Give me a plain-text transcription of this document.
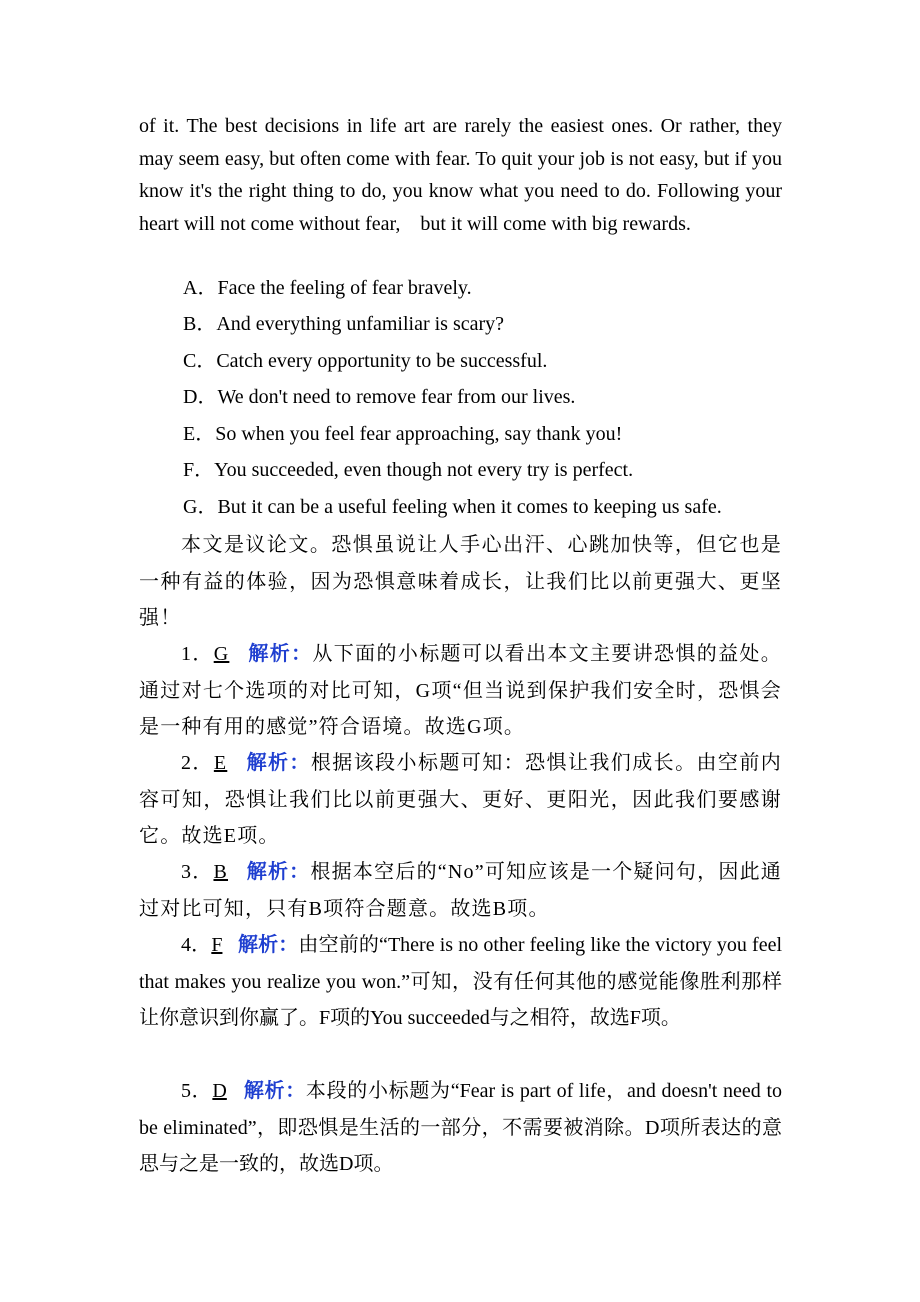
of it. The best decisions in life art are rarely the easiest ones. Or rather, they may seem easy, but often come with fear. To quit your job is not easy, but if you know it's the right thing to do, you know what you need to do. Following your heart will not come without fear,    but it will come with big rewards.

A．Face the feeling of fear bravely.
B．And everything unfamiliar is scary?
C．Catch every opportunity to be successful.
D．We don't need to remove fear from our lives.
E．So when you feel fear approaching, say thank you!
F．You succeeded, even though not every try is perfect.
G．But it can be a useful feeling when it comes to keeping us safe.

本文是议论文。恐惧虽说让人手心出汗、心跳加快等，但它也是一种有益的体验，因为恐惧意味着成长，让我们比以前更强大、更坚强！

1．G 解析：从下面的小标题可以看出本文主要讲恐惧的益处。通过对七个选项的对比可知，G项“但当说到保护我们安全时，恐惧会是一种有用的感觉”符合语境。故选G项。

2．E 解析：根据该段小标题可知：恐惧让我们成长。由空前内容可知，恐惧让我们比以前更强大、更好、更阳光，因此我们要感谢它。故选E项。

3．B 解析：根据本空后的“No”可知应该是一个疑问句，因此通过对比可知，只有B项符合题意。故选B项。

4．F 解析：由空前的“There is no other feeling like the victory you feel that makes you realize you won.”可知，没有任何其他的感觉能像胜利那样让你意识到你赢了。F项的You succeeded与之相符，故选F项。

5．D 解析：本段的小标题为“Fear is part of life，and doesn't need to be eliminated”，即恐惧是生活的一部分，不需要被消除。D项所表达的意思与之是一致的，故选D项。
